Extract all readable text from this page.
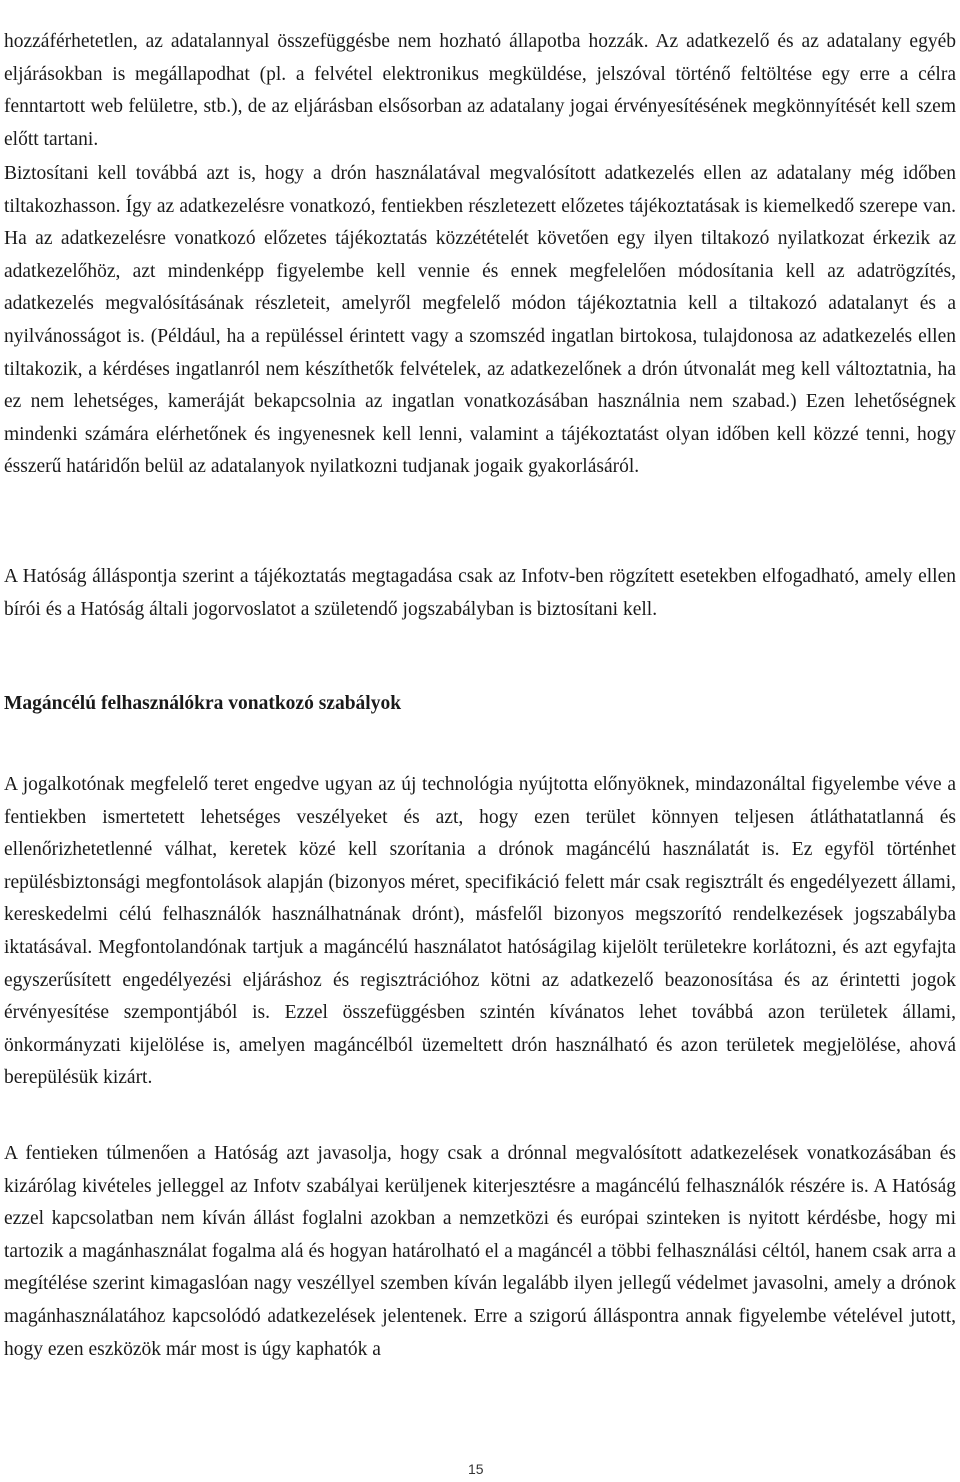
hozzáférhetetlen, az adatalannyal összefüggésbe nem hozható állapotba hozzák. Az adatkezelő és az adatalany egyéb eljárásokban is megállapodhat (pl. a felvétel elektronikus megküldése, jelszóval történő feltöltése egy erre a célra fenntartott web felületre, stb.), de az eljárásban elsősorban az adatalany jogai érvényesítésének megkönnyítését kell szem előtt tartani.

Biztosítani kell továbbá azt is, hogy a drón használatával megvalósított adatkezelés ellen az adatalany még időben tiltakozhasson. Így az adatkezelésre vonatkozó, fentiekben részletezett előzetes tájékoztatásak is kiemelkedő szerepe van. Ha az adatkezelésre vonatkozó előzetes tájékoztatás közzétételét követően egy ilyen tiltakozó nyilatkozat érkezik az adatkezelőhöz, azt mindenképp figyelembe kell vennie és ennek megfelelően módosítania kell az adatrögzítés, adatkezelés megvalósításának részleteit, amelyről megfelelő módon tájékoztatnia kell a tiltakozó adatalanyt és a nyilvánosságot is. (Például, ha a repüléssel érintett vagy a szomszéd ingatlan birtokosa, tulajdonosa az adatkezelés ellen tiltakozik, a kérdéses ingatlanról nem készíthetők felvételek, az adatkezelőnek a drón útvonalát meg kell változtatnia, ha ez nem lehetséges, kameráját bekapcsolnia az ingatlan vonatkozásában használnia nem szabad.) Ezen lehetőségnek mindenki számára elérhetőnek és ingyenesnek kell lenni, valamint a tájékoztatást olyan időben kell közzé tenni, hogy ésszerű határidőn belül az adatalanyok nyilatkozni tudjanak jogaik gyakorlásáról.

A Hatóság álláspontja szerint a tájékoztatás megtagadása csak az Infotv-ben rögzített esetekben elfogadható, amely ellen bírói és a Hatóság általi jogorvoslatot a születendő jogszabályban is biztosítani kell.

Magáncélú felhasználókra vonatkozó szabályok

A jogalkotónak megfelelő teret engedve ugyan az új technológia nyújtotta előnyöknek, mindazonáltal figyelembe véve a fentiekben ismertetett lehetséges veszélyeket és azt, hogy ezen terület könnyen teljesen átláthatatlanná és ellenőrizhetetlenné válhat, keretek közé kell szorítania a drónok magáncélú használatát is. Ez egyföl történhet repülésbiztonsági megfontolások alapján (bizonyos méret, specifikáció felett már csak regisztrált és engedélyezett állami, kereskedelmi célú felhasználók használhatnának drónt), másfelől bizonyos megszorító rendelkezések jogszabályba iktatásával. Megfontolandónak tartjuk a magáncélú használatot hatóságilag kijelölt területekre korlátozni, és azt egyfajta egyszerűsített engedélyezési eljáráshoz és regisztrációhoz kötni az adatkezelő beazonosítása és az érintetti jogok érvényesítése szempontjából is. Ezzel összefüggésben szintén kívánatos lehet továbbá azon területek állami, önkormányzati kijelölése is, amelyen magáncélból üzemeltett drón használható és azon területek megjelölése, ahová berepülésük kizárt.

A fentieken túlmenően a Hatóság azt javasolja, hogy csak a drónnal megvalósított adatkezelések vonatkozásában és kizárólag kivételes jelleggel az Infotv szabályai kerüljenek kiterjesztésre a magáncélú felhasználók részére is. A Hatóság ezzel kapcsolatban nem kíván állást foglalni azokban a nemzetközi és európai szinteken is nyitott kérdésbe, hogy mi tartozik a magánhasználat fogalma alá és hogyan határolható el a magáncél a többi felhasználási céltól, hanem csak arra a megítélése szerint kimagaslóan nagy veszéllyel szemben kíván legalább ilyen jellegű védelmet javasolni, amely a drónok magánhasználatához kapcsolódó adatkezelések jelentenek. Erre a szigorú álláspontra annak figyelembe vételével jutott, hogy ezen eszközök már most is úgy kaphatók a

15
